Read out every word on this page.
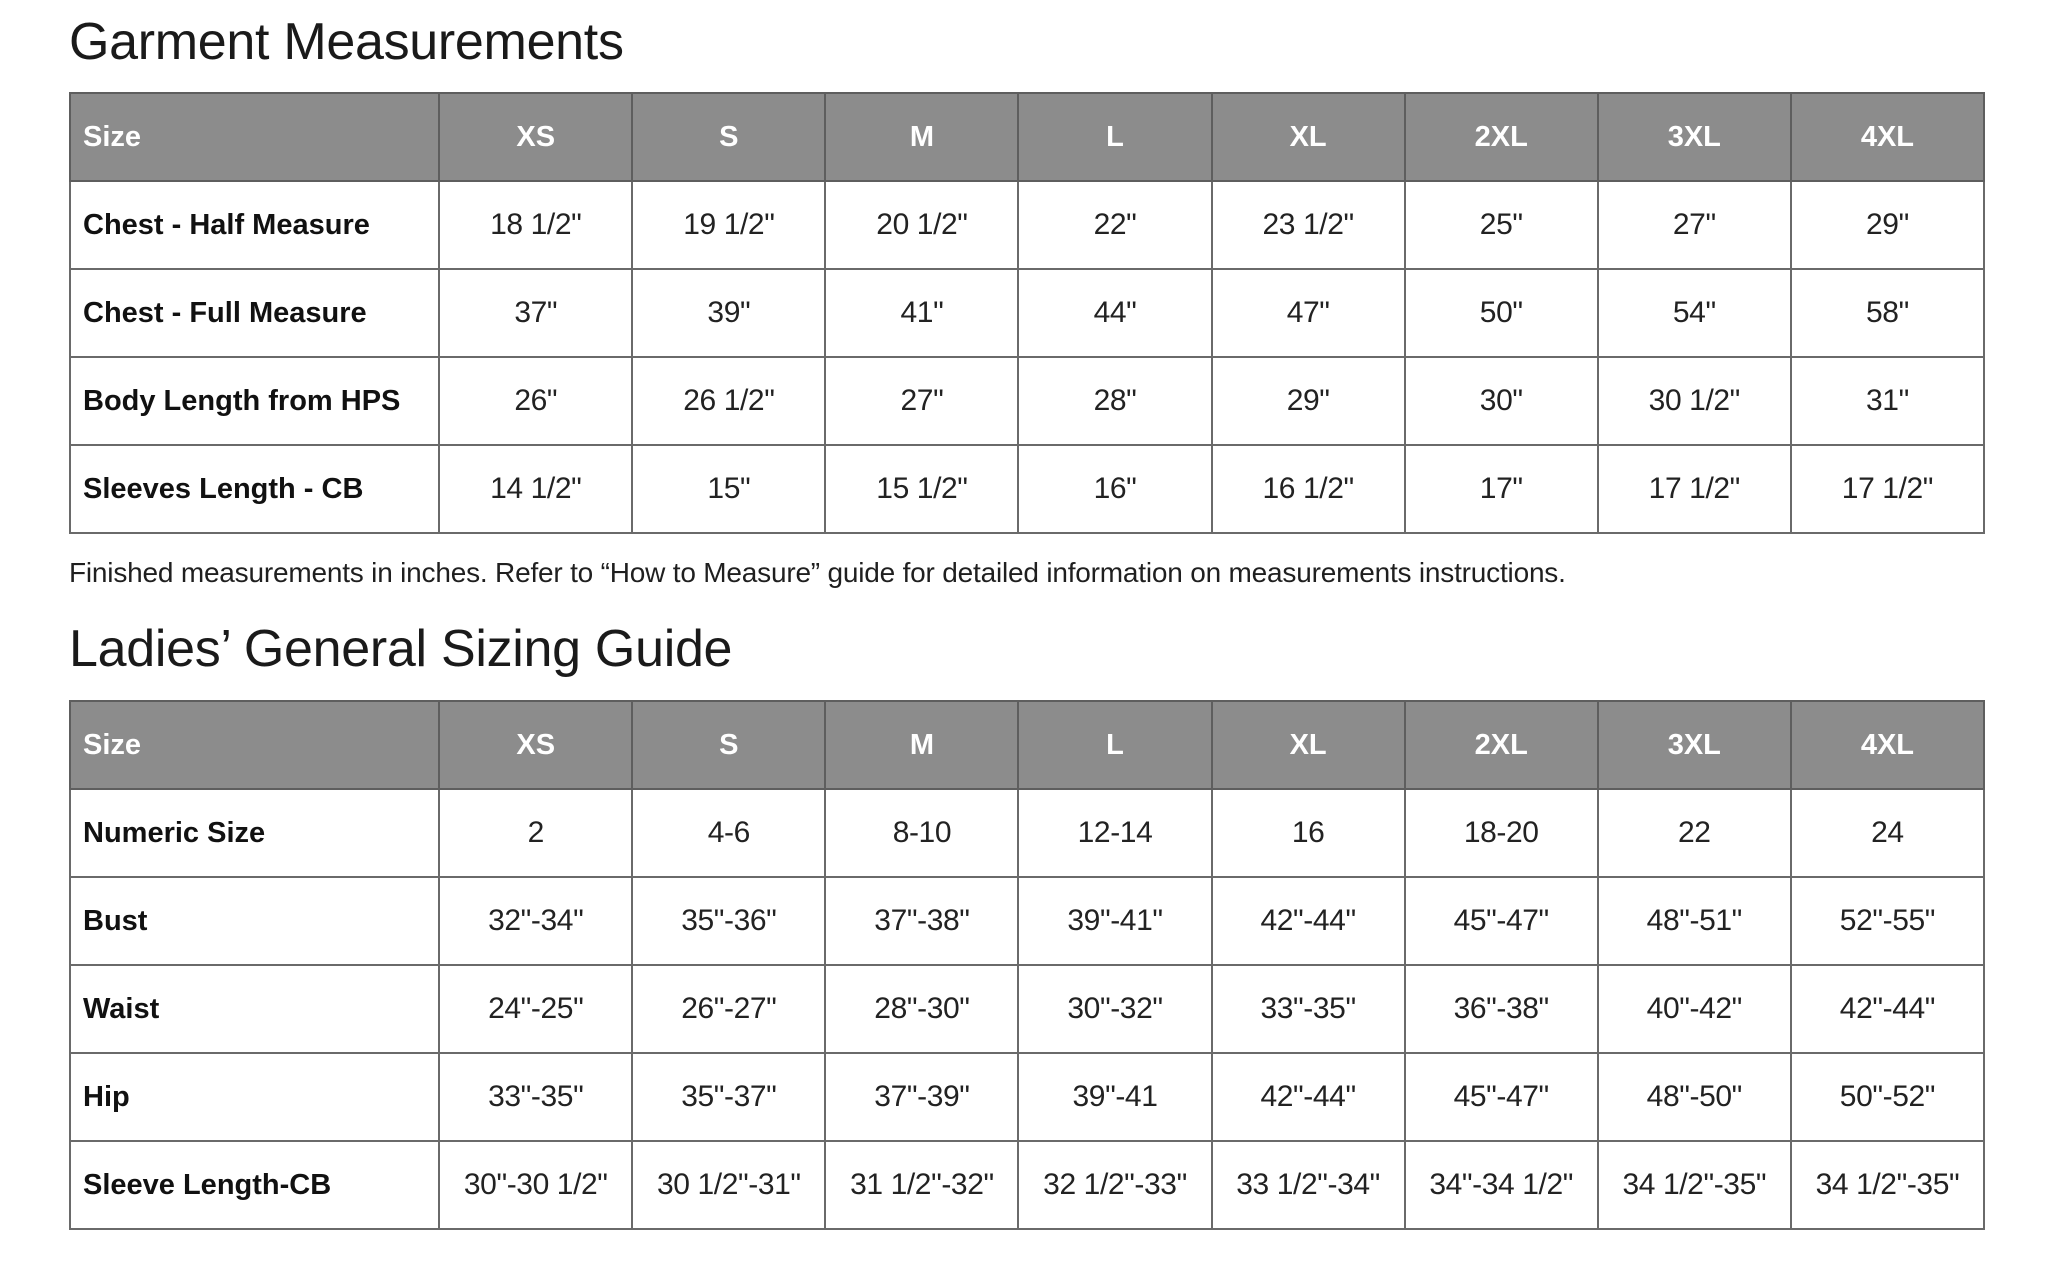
Garment Measurements
Size	XS	S	M	L	XL	2XL	3XL	4XL
Chest - Half Measure	18 1/2"	19 1/2"	20 1/2"	22"	23 1/2"	25"	27"	29"
Chest - Full Measure	37"	39"	41"	44"	47"	50"	54"	58"
Body Length from HPS	26"	26 1/2"	27"	28"	29"	30"	30 1/2"	31"
Sleeves Length - CB	14 1/2"	15"	15 1/2"	16"	16 1/2"	17"	17 1/2"	17 1/2"

Finished measurements in inches. Refer to “How to Measure” guide for detailed information on measurements instructions.

Ladies’ General Sizing Guide
Size	XS	S	M	L	XL	2XL	3XL	4XL
Numeric Size	2	4-6	8-10	12-14	16	18-20	22	24
Bust	32"-34"	35"-36"	37"-38"	39"-41"	42"-44"	45"-47"	48"-51"	52"-55"
Waist	24"-25"	26"-27"	28"-30"	30"-32"	33"-35"	36"-38"	40"-42"	42"-44"
Hip	33"-35"	35"-37"	37"-39"	39"-41	42"-44"	45"-47"	48"-50"	50"-52"
Sleeve Length-CB	30"-30 1/2"	30 1/2"-31"	31 1/2"-32"	32 1/2"-33"	33 1/2"-34"	34"-34 1/2"	34 1/2"-35"	34 1/2"-35"
